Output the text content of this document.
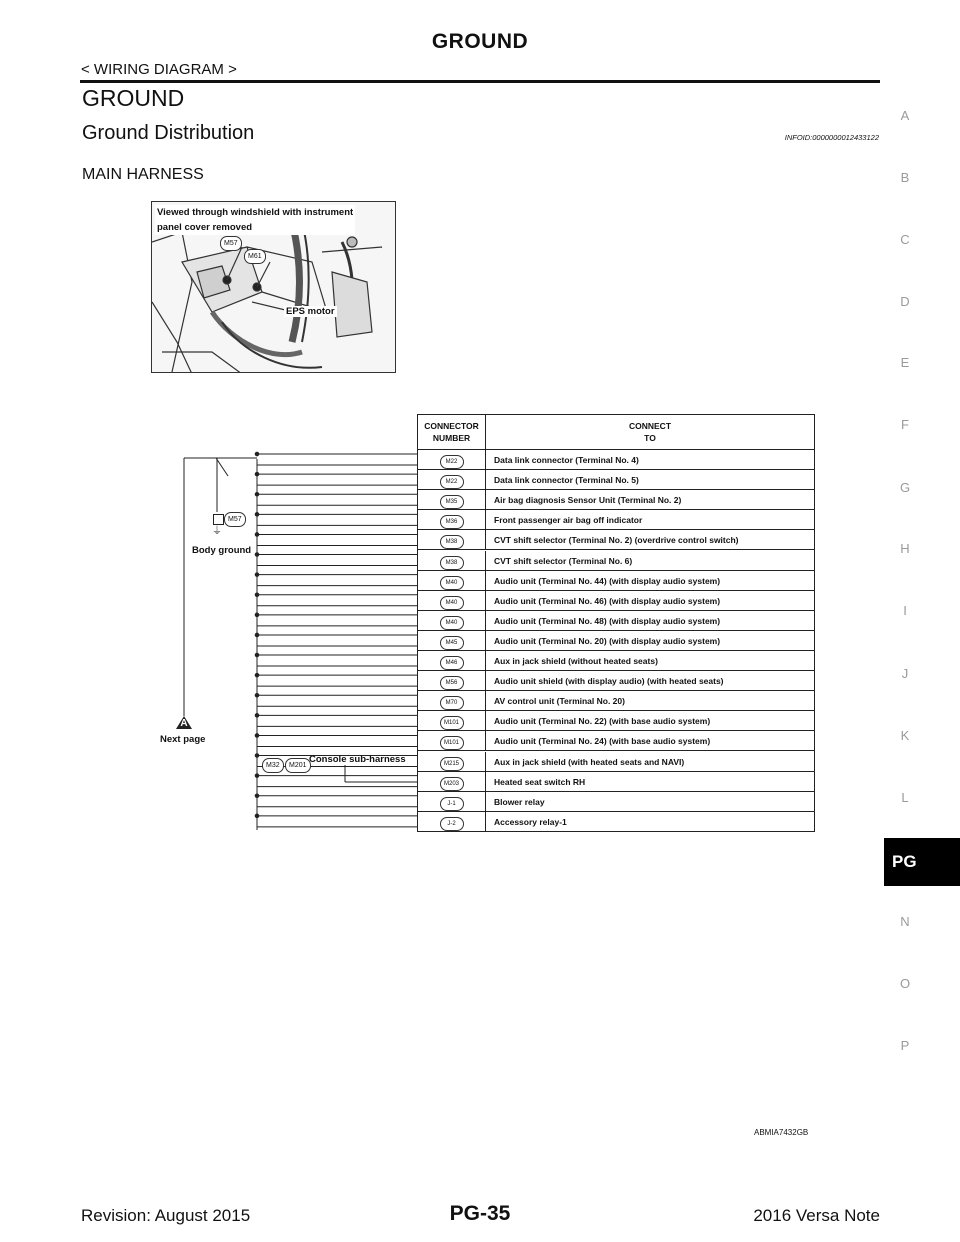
GROUND
< WIRING DIAGRAM >
GROUND
Ground Distribution	INFOID:0000000012433122
MAIN HARNESS
A
B
C
D
E
F
G
H
I
J
K
L
N
O
P
PG
Viewed through windshield with instrument
panel cover removed
M57
M61
EPS motor
M57
⏚
Body ground
A
Next page
M32	M201
Console sub-harness
CONNECTOR
NUMBER
CONNECT
TO
M22	Data link connector (Terminal No. 4)
M22	Data link connector (Terminal No. 5)
M35	Air bag diagnosis Sensor Unit (Terminal No. 2)
M36	Front passenger air bag off indicator
M38	CVT shift selector (Terminal No. 2) (overdrive control switch)
M38	CVT shift selector (Terminal No. 6)
M40	Audio unit (Terminal No. 44) (with display audio system)
M40	Audio unit (Terminal No. 46) (with display audio system)
M40	Audio unit (Terminal No. 48) (with display audio system)
M45	Audio unit (Terminal No. 20) (with display audio system)
M46	Aux in jack shield (without heated seats)
M56	Audio unit shield (with display audio) (with heated seats)
M70	AV control unit (Terminal No. 20)
M101	Audio unit (Terminal No. 22) (with base audio system)
M101	Audio unit (Terminal No. 24) (with base audio system)
M215	Aux in jack shield (with heated seats and NAVI)
M203	Heated seat switch RH
J-1	Blower relay
J-2	Accessory relay-1
ABMIA7432GB
Revision: August 2015	PG-35	2016 Versa Note
